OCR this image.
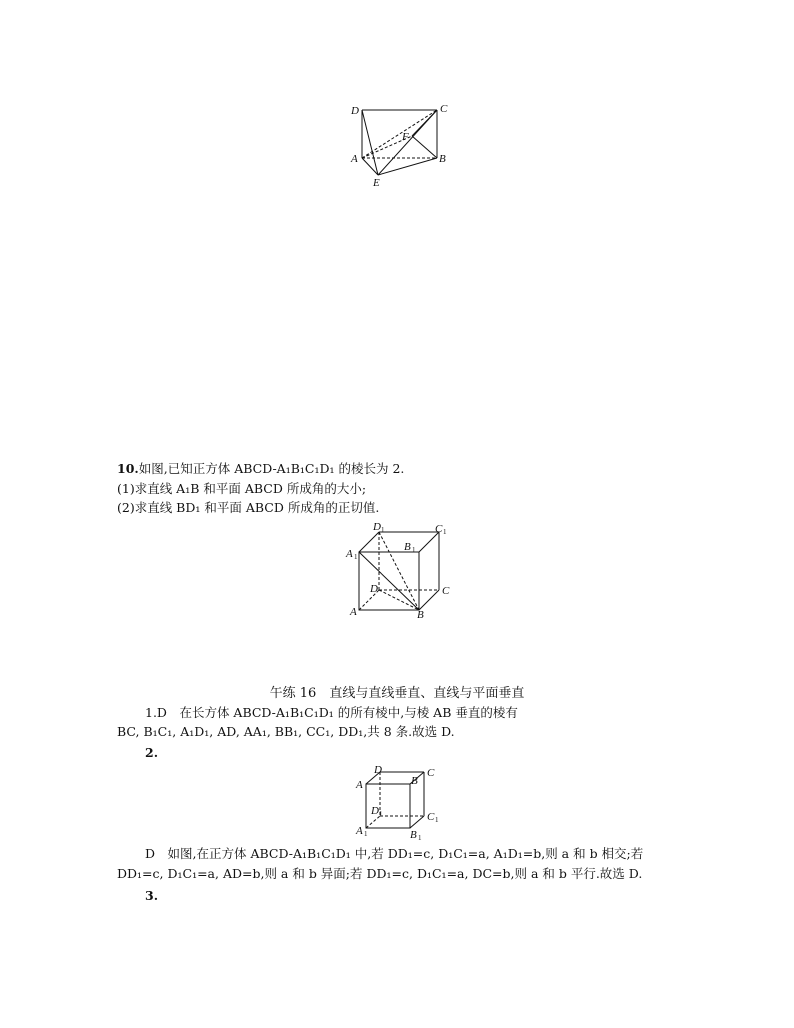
D	C
F
A	B
E
10.如图,已知正方体 ABCD-A₁B₁C₁D₁ 的棱长为 2.
(1)求直线 A₁B 和平面 ABCD 所成角的大小;
(2)求直线 BD₁ 和平面 ABCD 所成角的正切值.
D 1	C 1
A 1
B 1
D	C
A	B
午练 16　直线与直线垂直、直线与平面垂直
1.D　在长方体 ABCD-A₁B₁C₁D₁ 的所有棱中,与棱 AB 垂直的棱有
BC, B₁C₁, A₁D₁, AD, AA₁, BB₁, CC₁, DD₁,共 8 条.故选 D.
2.
D	C
A	B
D 1	C 1
A 1	B 1
D　如图,在正方体 ABCD-A₁B₁C₁D₁ 中,若 DD₁=c, D₁C₁=a, A₁D₁=b,则 a 和 b 相交;若
DD₁=c, D₁C₁=a, AD=b,则 a 和 b 异面;若 DD₁=c, D₁C₁=a, DC=b,则 a 和 b 平行.故选 D.
3.
